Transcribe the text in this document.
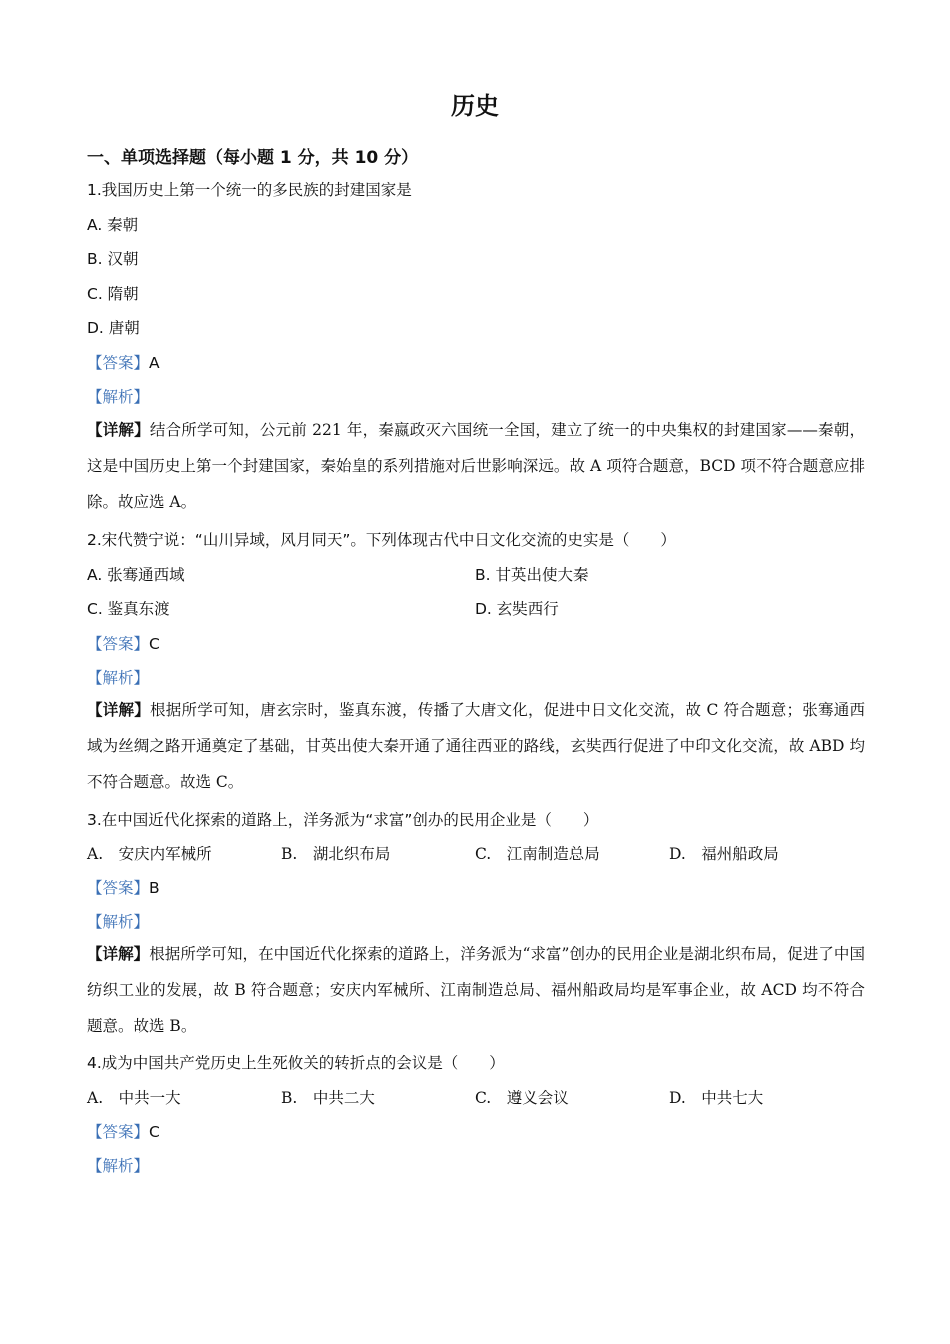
历史
一、单项选择题（每小题 1 分，共 10 分）
1.我国历史上第一个统一的多民族的封建国家是
A. 秦朝
B. 汉朝
C. 隋朝
D. 唐朝
【答案】A
【解析】
【详解】结合所学可知，公元前 221 年，秦嬴政灭六国统一全国，建立了统一的中央集权的封建国家——秦朝，这是中国历史上第一个封建国家，秦始皇的系列措施对后世影响深远。故 A 项符合题意，BCD 项不符合题意应排除。故应选 A。
2.宋代赞宁说：“山川异域，风月同天”。下列体现古代中日文化交流的史实是（　　）
A. 张骞通西域	B. 甘英出使大秦
C. 鉴真东渡	D. 玄奘西行
【答案】C
【解析】
【详解】根据所学可知，唐玄宗时，鉴真东渡，传播了大唐文化，促进中日文化交流，故 C 符合题意；张骞通西域为丝绸之路开通奠定了基础，甘英出使大秦开通了通往西亚的路线，玄奘西行促进了中印文化交流，故 ABD 均不符合题意。故选 C。
3.在中国近代化探索的道路上，洋务派为“求富”创办的民用企业是（　　）
A.　安庆内军械所	B.　湖北织布局	C.　江南制造总局	D.　福州船政局
【答案】B
【解析】
【详解】根据所学可知，在中国近代化探索的道路上，洋务派为“求富”创办的民用企业是湖北织布局，促进了中国纺织工业的发展，故 B 符合题意；安庆内军械所、江南制造总局、福州船政局均是军事企业，故 ACD 均不符合题意。故选 B。
4.成为中国共产党历史上生死攸关的转折点的会议是（　　）
A.　中共一大	B.　中共二大	C.　遵义会议	D.　中共七大
【答案】C
【解析】
